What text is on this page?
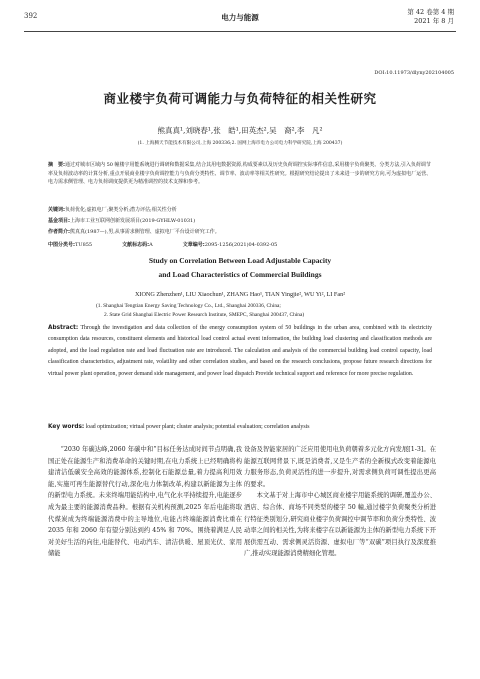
392	电力与能源
第 42 卷第 4 期
2021 年 8 月
DOI:10.11973/dlyny202104005
商业楼宇负荷可调能力与负荷特征的相关性研究
熊真真¹,刘晓春¹,张　皓¹,田英杰²,吴　裔²,李　凡²
(1. 上海腾天节能技术有限公司,上海 200336;2. 国网上海市电力公司电力科学研究院,上海 200437)
摘　要:通过对城市区域内 50 幢楼宇用能系统进行调研和数据采集,结合其用电数据资源,构成要素以及历史负荷调控实际事件信息,采用楼宇负荷聚类、分类方法,引入负荷调节率及负荷波动率的计算分析,重点开展商业楼宇负荷调控能力与负荷分类特性、调节率、波动率等相关性研究。根据研究结论提出了未来进一步的研究方向,可为虚拟电厂运营、电力需求侧管理、电力负荷调度提供更为精准调控的技术支撑和参考。
关键词:负荷优化;虚拟电厂;聚类分析;潜力评估;相关性分析
基金项目:上海市工业互联网创新发展项目(2019-GYHLW-01031)
作者简介:熊真真(1987—),男,从事需求侧管理、虚拟电厂平台设计研究工作。
中图分类号:TU855	文献标志码:A	文章编号:2095-1256(2021)04-0392-05
Study on Correlation Between Load Adjustable Capacity
and Load Characteristics of Commercial Buildings
XIONG Zhenzhen¹, LIU Xiaochun¹, ZHANG Hao¹, TIAN Yingjie², WU Yi², LI Fan²
(1. Shanghai Tengtian Energy Saving Technology Co., Ltd., Shanghai 200336, China;
2. State Grid Shanghai Electric Power Research Institute, SMEPC, Shanghai 200437, China)
Abstract: Through the investigation and data collection of the energy consumption system of 50 buildings in the urban area, combined with its electricity consumption data resources, constituent elements and historical load control actual event information, the building load clustering and classification methods are adopted, and the load regulation rate and load fluctuation rate are introduced. The calculation and analysis of the commercial building load control capacity, load classification characteristics, adjustment rate, volatility and other correlation studies, and based on the research conclusions, propose future research directions for virtual power plant operation, power demand side management, and power load dispatch Provide technical support and reference for more precise regulation.
Key words: load optimization; virtual power plant; cluster analysis; potential evaluation; correlation analysis

“2030 年碳达峰,2060 年碳中和”目标任务达成时间节点明确,我国正处在能源生产和消费革命的关键时期,在电力系统上已经明确将构建清洁低碳安全高效的能源体系,控制化石能源总量,着力提高利用效能,实施可再生能源替代行动,深化电力体制改革,构建以新能源为主体的新型电力系统。未来终端用能结构中,电气化水平持续提升,电能逐步成为最主要的能源消费品种。根据有关机构预测,2025 年后电能将取代煤炭成为终端能源消费中的主导地位,电能占终端能源消费比重在 2035 年和 2060 年有望分别达到约 45% 和 70%。围绕着满足人民对美好生活的向往,电能替代、电动汽车、清洁供暖、屋顶光伏、家用储能

设备及智能家居的广泛应用使用电负荷朝着多元化方向发展[1-3]。在能源互联网背景下,既是消费者,又是生产者的全新模式改变着能源电力服务形态,负荷灵活性的进一步提升,对需求侧负荷可调性提出更高的要求。

本文基于对上海市中心城区商业楼宇用能系统的调研,覆盖办公、酒店、综合体、商场不同类型的楼宇 50 幢,通过楼宇负荷聚类分析进行特征类别划分,研究商业楼宇负荷调控中调节率和负荷分类特性、波动率之间的相关性,为将来楼宇在以新能源为主体的新型电力系统下开展供需互动、需求侧灵活资源、虚拟电厂等“双碳”项目执行及深度推广,推动实现能源消费精细化管理。
